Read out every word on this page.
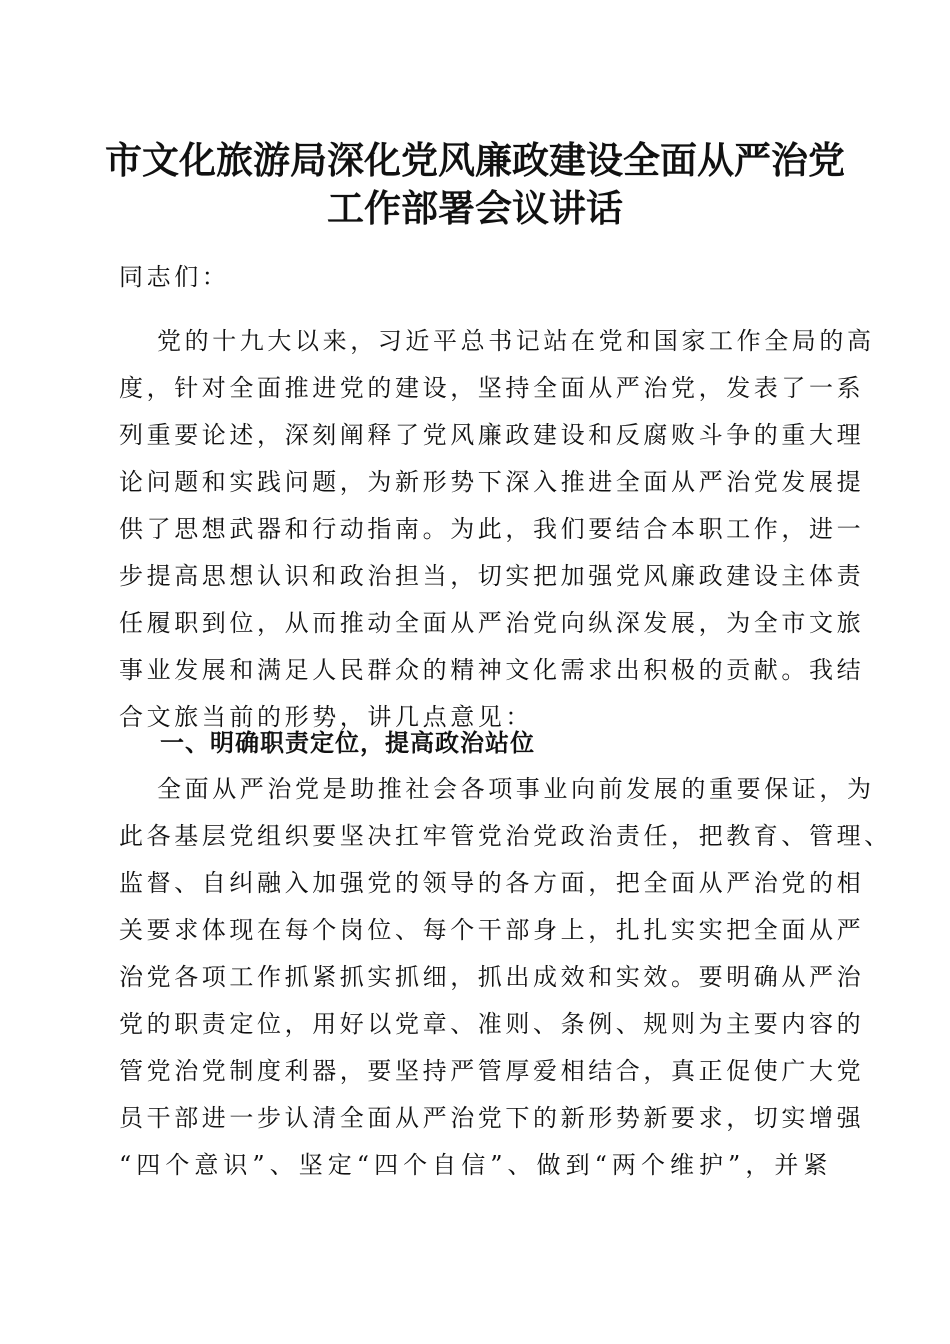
市文化旅游局深化党风廉政建设全面从严治党
工作部署会议讲话
同志们：
党的十九大以来，习近平总书记站在党和国家工作全局的高
度，针对全面推进党的建设，坚持全面从严治党，发表了一系
列重要论述，深刻阐释了党风廉政建设和反腐败斗争的重大理
论问题和实践问题，为新形势下深入推进全面从严治党发展提
供了思想武器和行动指南。为此，我们要结合本职工作，进一
步提高思想认识和政治担当，切实把加强党风廉政建设主体责
任履职到位，从而推动全面从严治党向纵深发展，为全市文旅
事业发展和满足人民群众的精神文化需求出积极的贡献。我结
合文旅当前的形势，讲几点意见：
一、明确职责定位，提高政治站位
全面从严治党是助推社会各项事业向前发展的重要保证，为
此各基层党组织要坚决扛牢管党治党政治责任，把教育、管理、
监督、自纠融入加强党的领导的各方面，把全面从严治党的相
关要求体现在每个岗位、每个干部身上，扎扎实实把全面从严
治党各项工作抓紧抓实抓细，抓出成效和实效。要明确从严治
党的职责定位，用好以党章、准则、条例、规则为主要内容的
管党治党制度利器，要坚持严管厚爱相结合，真正促使广大党
员干部进一步认清全面从严治党下的新形势新要求，切实增强
“四个意识”、坚定“四个自信”、做到“两个维护”，并紧
